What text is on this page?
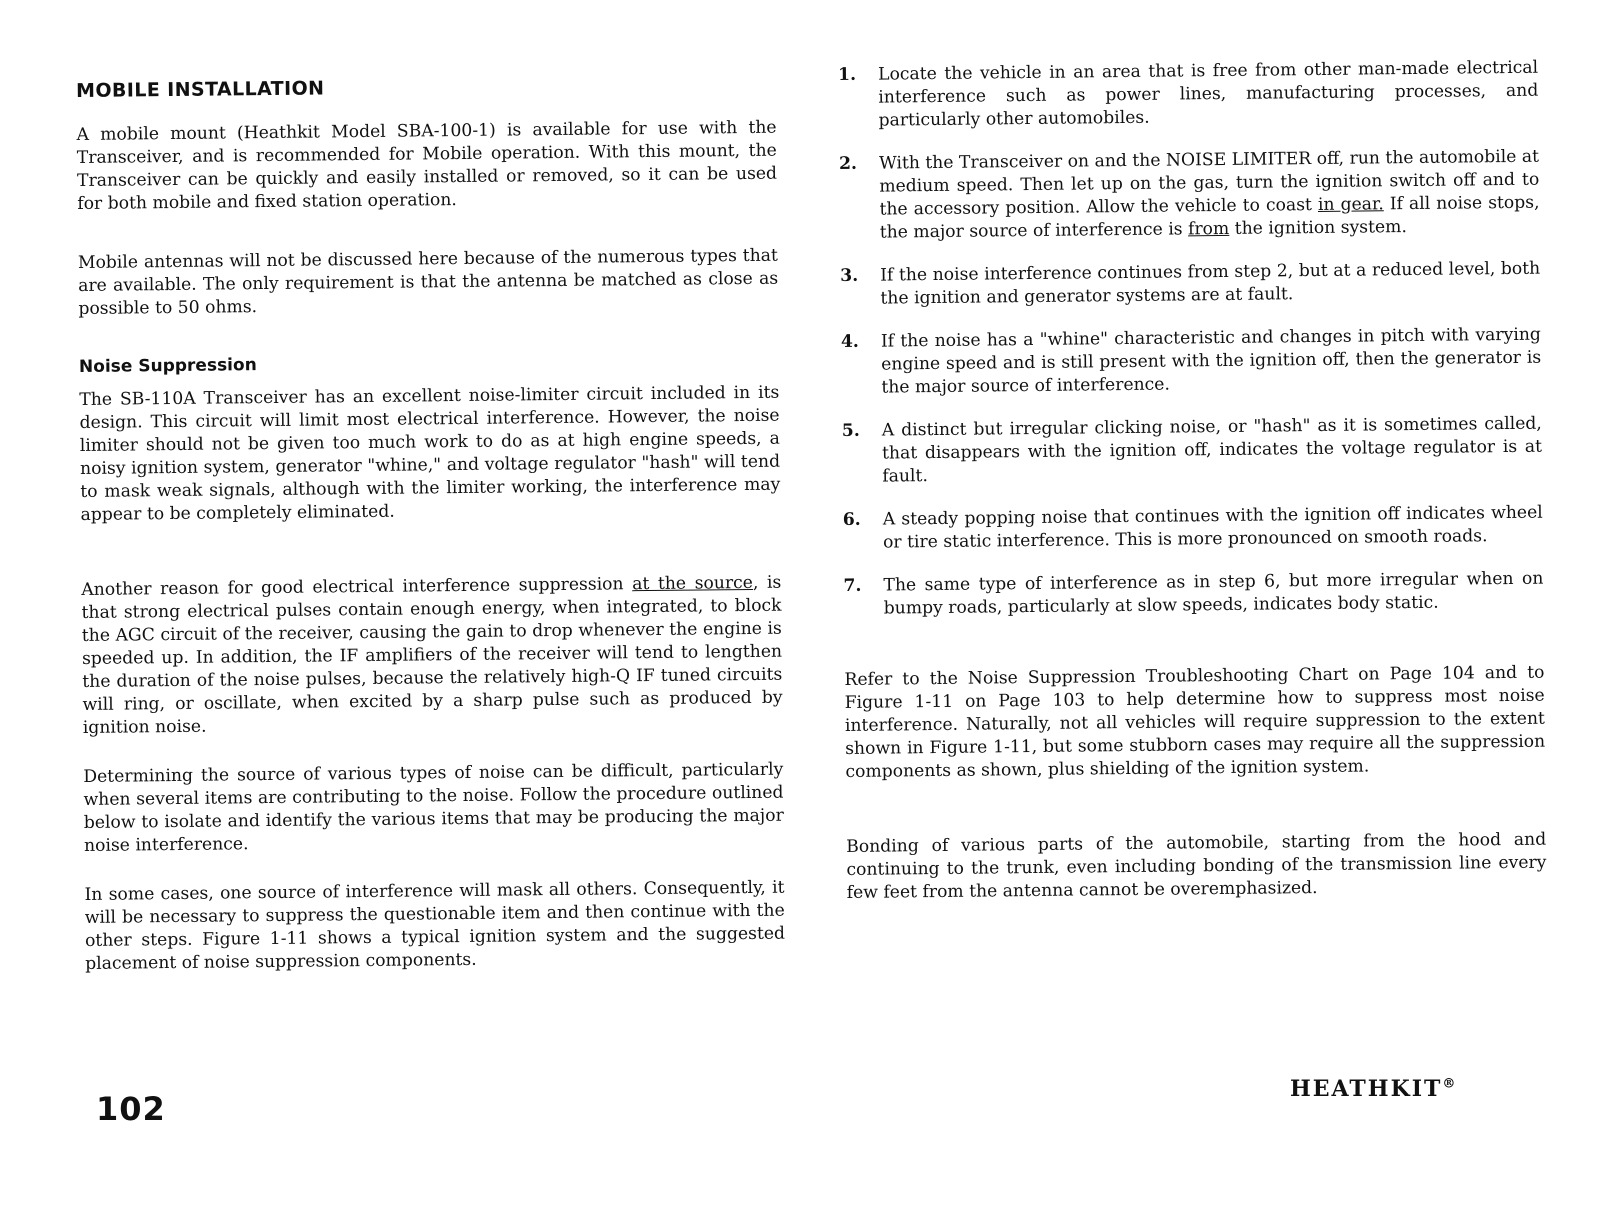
MOBILE INSTALLATION

A mobile mount (Heathkit Model SBA-100-1) is available for use with the Transceiver, and is recommended for Mobile operation. With this mount, the Transceiver can be quickly and easily installed or removed, so it can be used for both mobile and fixed station operation.

Mobile antennas will not be discussed here because of the numerous types that are available. The only requirement is that the antenna be matched as close as possible to 50 ohms.

Noise Suppression

The SB-110A Transceiver has an excellent noise-limiter circuit included in its design. This circuit will limit most electrical interference. However, the noise limiter should not be given too much work to do as at high engine speeds, a noisy ignition system, generator "whine," and voltage regulator "hash" will tend to mask weak signals, although with the limiter working, the interference may appear to be completely eliminated.

Another reason for good electrical interference suppression at the source, is that strong electrical pulses contain enough energy, when integrated, to block the AGC circuit of the receiver, causing the gain to drop whenever the engine is speeded up. In addition, the IF amplifiers of the receiver will tend to lengthen the duration of the noise pulses, because the relatively high-Q IF tuned circuits will ring, or oscillate, when excited by a sharp pulse such as produced by ignition noise.

Determining the source of various types of noise can be difficult, particularly when several items are contributing to the noise. Follow the procedure outlined below to isolate and identify the various items that may be producing the major noise interference.

In some cases, one source of interference will mask all others. Consequently, it will be necessary to suppress the questionable item and then continue with the other steps. Figure 1-11 shows a typical ignition system and the suggested placement of noise suppression components.

1.	Locate the vehicle in an area that is free from other man-made electrical interference such as power lines, manufacturing processes, and particularly other automobiles.
2.	With the Transceiver on and the NOISE LIMITER off, run the automobile at medium speed. Then let up on the gas, turn the ignition switch off and to the accessory position. Allow the vehicle to coast in gear. If all noise stops, the major source of interference is from the ignition system.
3.	If the noise interference continues from step 2, but at a reduced level, both the ignition and generator systems are at fault.
4.	If the noise has a "whine" characteristic and changes in pitch with varying engine speed and is still present with the ignition off, then the generator is the major source of interference.
5.	A distinct but irregular clicking noise, or "hash" as it is sometimes called, that disappears with the ignition off, indicates the voltage regulator is at fault.
6.	A steady popping noise that continues with the ignition off indicates wheel or tire static interference. This is more pronounced on smooth roads.
7.	The same type of interference as in step 6, but more irregular when on bumpy roads, particularly at slow speeds, indicates body static.

Refer to the Noise Suppression Troubleshooting Chart on Page 104 and to Figure 1-11 on Page 103 to help determine how to suppress most noise interference. Naturally, not all vehicles will require suppression to the extent shown in Figure 1-11, but some stubborn cases may require all the suppression components as shown, plus shielding of the ignition system.

Bonding of various parts of the automobile, starting from the hood and continuing to the trunk, even including bonding of the transmission line every few feet from the antenna cannot be overemphasized.

102
HEATHKIT®
